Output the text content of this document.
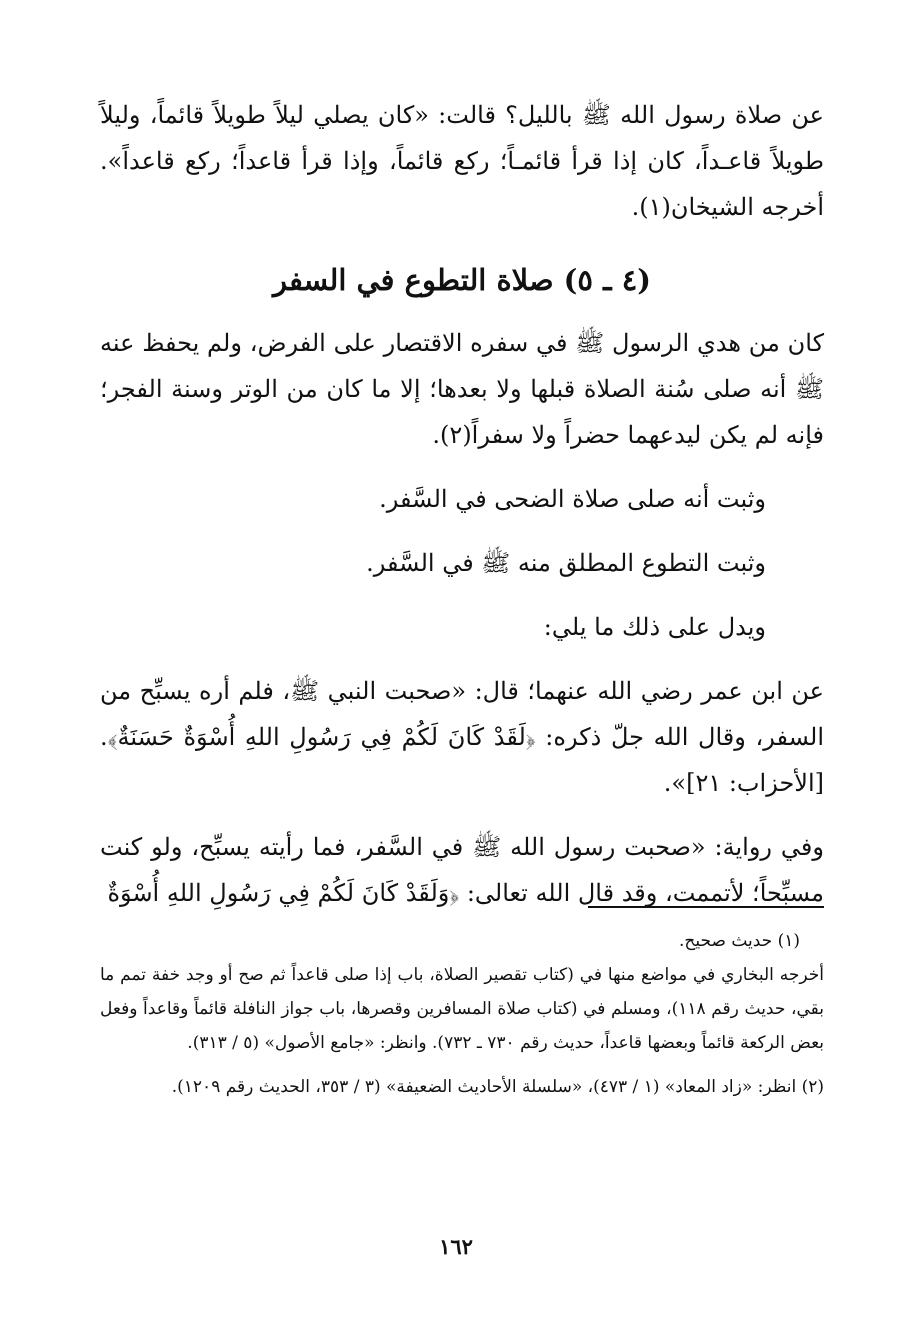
عن صلاة رسول الله ﷺ بالليل؟ قالت: «كان يصلي ليلاً طويلاً قائماً، وليلاً طويلاً قاعـداً، كان إذا قرأ قائمـاً؛ ركع قائماً، وإذا قرأ قاعداً؛ ركع قاعداً». أخرجه الشيخان(١).

(٤ ـ ٥) صلاة التطوع في السفر

كان من هدي الرسول ﷺ في سفره الاقتصار على الفرض، ولم يحفظ عنه ﷺ أنه صلى سُنة الصلاة قبلها ولا بعدها؛ إلا ما كان من الوتر وسنة الفجر؛ فإنه لم يكن ليدعهما حضراً ولا سفراً(٢).

وثبت أنه صلى صلاة الضحى في السَّفر.

وثبت التطوع المطلق منه ﷺ في السَّفر.

ويدل على ذلك ما يلي:

عن ابن عمر رضي الله عنهما؛ قال: «صحبت النبي ﷺ، فلم أره يسبِّح من السفر، وقال الله جلّ ذكره: ﴿لَقَدْ كَانَ لَكُمْ فِي رَسُولِ اللهِ أُسْوَةٌ حَسَنَةٌ﴾. [الأحزاب: ٢١]».

وفي رواية: «صحبت رسول الله ﷺ في السَّفر، فما رأيته يسبِّح، ولو كنت مسبِّحاً؛ لأتممت، وقد قال الله تعالى: ﴿وَلَقَدْ كَانَ لَكُمْ فِي رَسُولِ اللهِ أُسْوَةٌ

(١) حديث صحيح.

أخرجه البخاري في مواضع منها في (كتاب تقصير الصلاة، باب إذا صلى قاعداً ثم صح أو وجد خفة تمم ما بقي، حديث رقم ١١٨)، ومسلم في (كتاب صلاة المسافرين وقصرها، باب جواز النافلة قائماً وقاعداً وفعل بعض الركعة قائماً وبعضها قاعداً، حديث رقم ٧٣٠ ـ ٧٣٢). وانظر: «جامع الأصول» (٥ / ٣١٣).

(٢) انظر: «زاد المعاد» (١ / ٤٧٣)، «سلسلة الأحاديث الضعيفة» (٣ / ٣٥٣، الحديث رقم ١٢٠٩).

١٦٢
